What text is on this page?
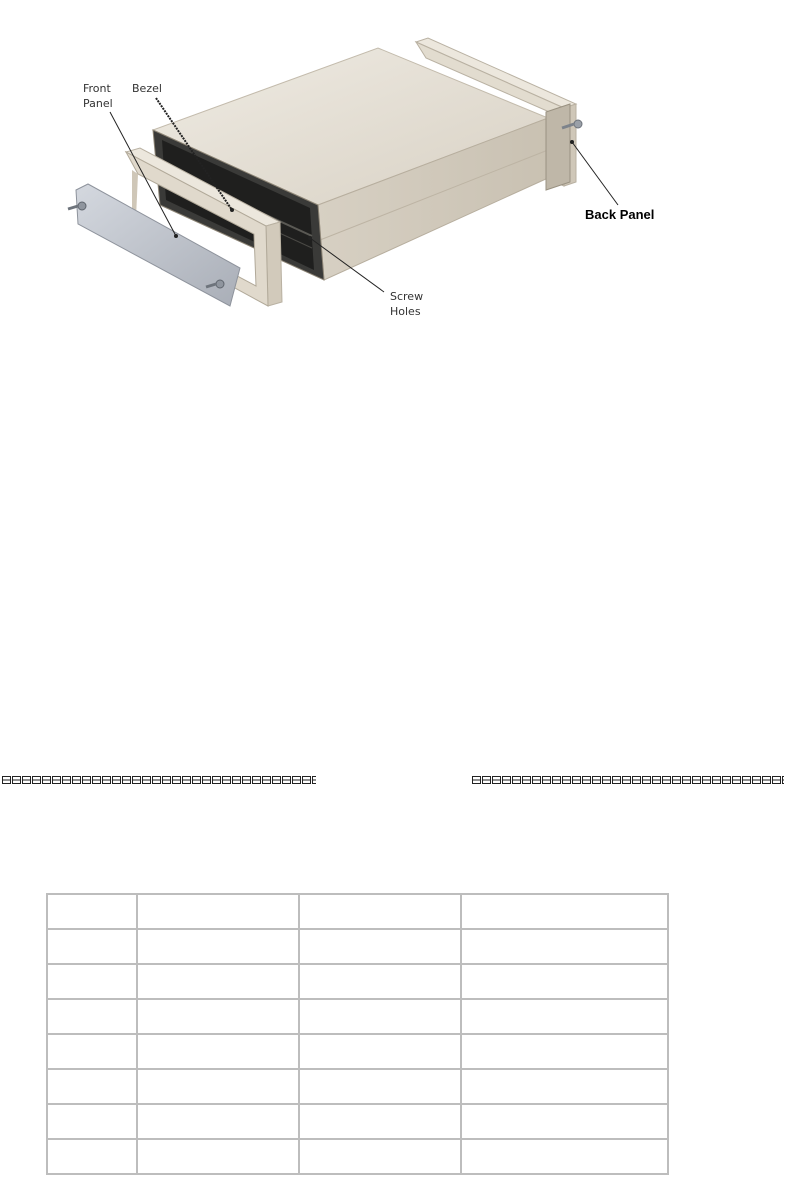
Front
Panel
Bezel
Back Panel
Screw
Holes
